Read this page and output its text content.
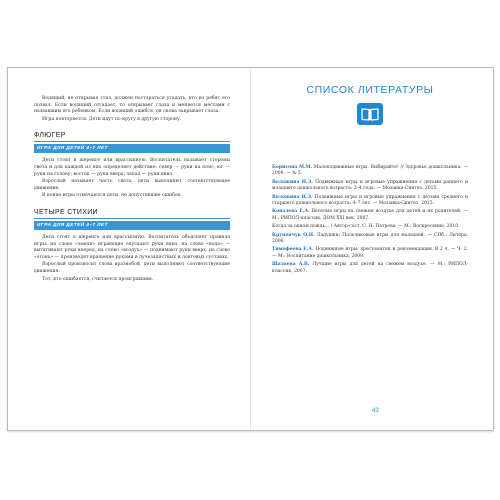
Водящий, не открывая глаз, должен постараться угадать, кто из ребят его позвал. Если водящий отгадает, то открывает глаза и меняется местами с назвавшим его ребенком. Если водящий ошибся, он снова закрывает глаза.

Игра повторяется. Дети идут по кругу в другую сторону.

ФЛЮГЕР
ИГРА ДЛЯ ДЕТЕЙ 4–7 ЛЕТ

Дети стоят в шеренге или врассыпную. Воспитатель называет стороны света и для каждой из них определяет действие: север — руки на пояс; юг — руки на голову; восток — руки вверх; запад — руки вниз.

Взрослый называет часть света, дети выполняют соответствующее движение.

В конце игры отмечаются дети, не допустившие ошибок.

ЧЕТЫРЕ СТИХИИ
ИГРА ДЛЯ ДЕТЕЙ 4–7 ЛЕТ

Дети стоят в шеренге или врассыпную. Воспитатель объясняет правила игры: на слово «земля» играющие опускают руки вниз, на слово «вода» — вытягивают руки вперед, на слово «воздух» — поднимают руки вверх, на слово «огонь» — производят вращение руками в лучезапястных и локтевых суставах.

Взрослый произносит слова вразнобой, дети выполняют соответствующие движения.

Тот, кто ошибается, считается проигравшим.

СПИСОК ЛИТЕРАТУРЫ

Борисова М.М. Малоподвижные игры. Выбирайте! // Здоровье дошкольника. — 2009. — № 5.

Волошина Н.Э. Подвижные игры и игровые упражнения с детьми раннего и младшего дошкольного возраста: 2–4 года. — Мозаика-Синтез, 2015.

Волошина Н.Э. Подвижные игры и игровые упражнения с детьми среднего и старшего дошкольного возраста: 4–7 лет. — Мозаика-Синтез, 2015.

Ковалева Е.А. Веселые игры на свежем воздухе для детей и их родителей. — М.: РИПОЛ-классик, ДОМ XXI век, 2007.

Когда за окном дождь... / Автор-сост. С. Н. Петрова. — М.: Воскресение, 2010.

Крупенчук О.Н. Ладушки: Пальчиковые игры для малышей. — СПб.: Литера, 2006.

Тимофеева Е.А. Подвижные игры: хрестоматия и рекомендации. В 2 ч. — Ч. 2. — М.: Воспитание дошкольника, 2009.

Шалаева А.В. Лучшие игры для детей на свежем воздухе. — М.: РИПОЛ-классик, 2007.

43
